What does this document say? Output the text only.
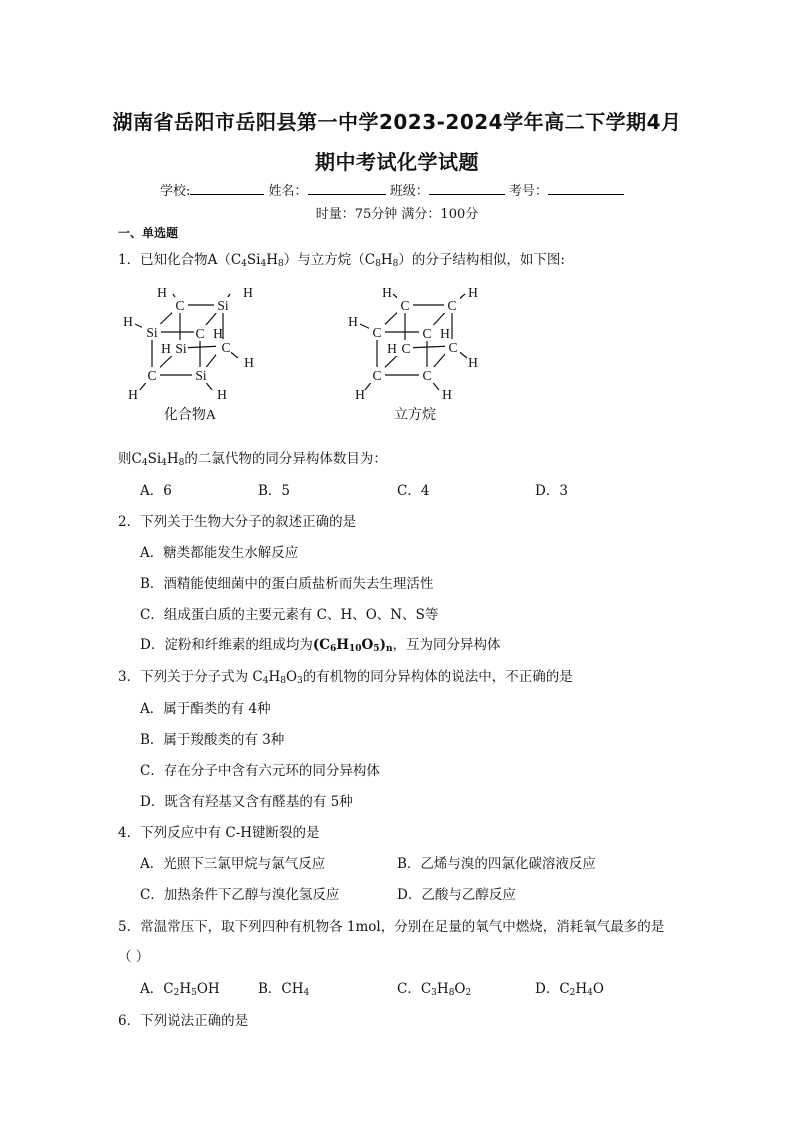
湖南省岳阳市岳阳县第一中学2023-2024学年高二下学期4月
期中考试化学试题
学校:	姓名：	班级：	考号：
时量：75分钟 满分：100分
一、单选题
1．已知化合物$A(C_4Si_4H_8)$与立方烷$(C_8H_8)$的分子结构相似，如下图:
H
C Si
H
H
Si	C H
H Si	C
H
C	Si
H	H
化合物A
H
C	C
H
H
C	C H
H C	C
H
C	C
H	H
立方烷
则$C_4Si_4H_8$的二氯代物的同分异构体数目为：
A．6	B．5	C．4	D．3
2．下列关于生物大分子的叙述正确的是
A．糖类都能发生水解反应
B．酒精能使细菌中的蛋白质盐析而失去生理活性
C．组成蛋白质的主要元素有 C、H、O、N、S等
D．淀粉和纤维素的组成均为$(C_6H_{10}O_5)_n$，互为同分异构体
3．下列关于分子式为 $C_4H_8O_3$的有机物的同分异构体的说法中，不正确的是
A．属于酯类的有 4种
B．属于羧酸类的有 3种
C．存在分子中含有六元环的同分异构体
D．既含有羟基又含有醛基的有 5种
4．下列反应中有 C-H键断裂的是
A．光照下三氯甲烷与氯气反应	B．乙烯与溴的四氯化碳溶液反应
C．加热条件下乙醇与溴化氢反应	D．乙酸与乙醇反应
5．常温常压下，取下列四种有机物各 1mol，分别在足量的氧气中燃烧，消耗氧气最多的是
（ ）
A．$C_2H_5OH$	B．$CH_4$	C．$C_3H_8O_2$	D．$C_2H_4O$
6．下列说法正确的是
